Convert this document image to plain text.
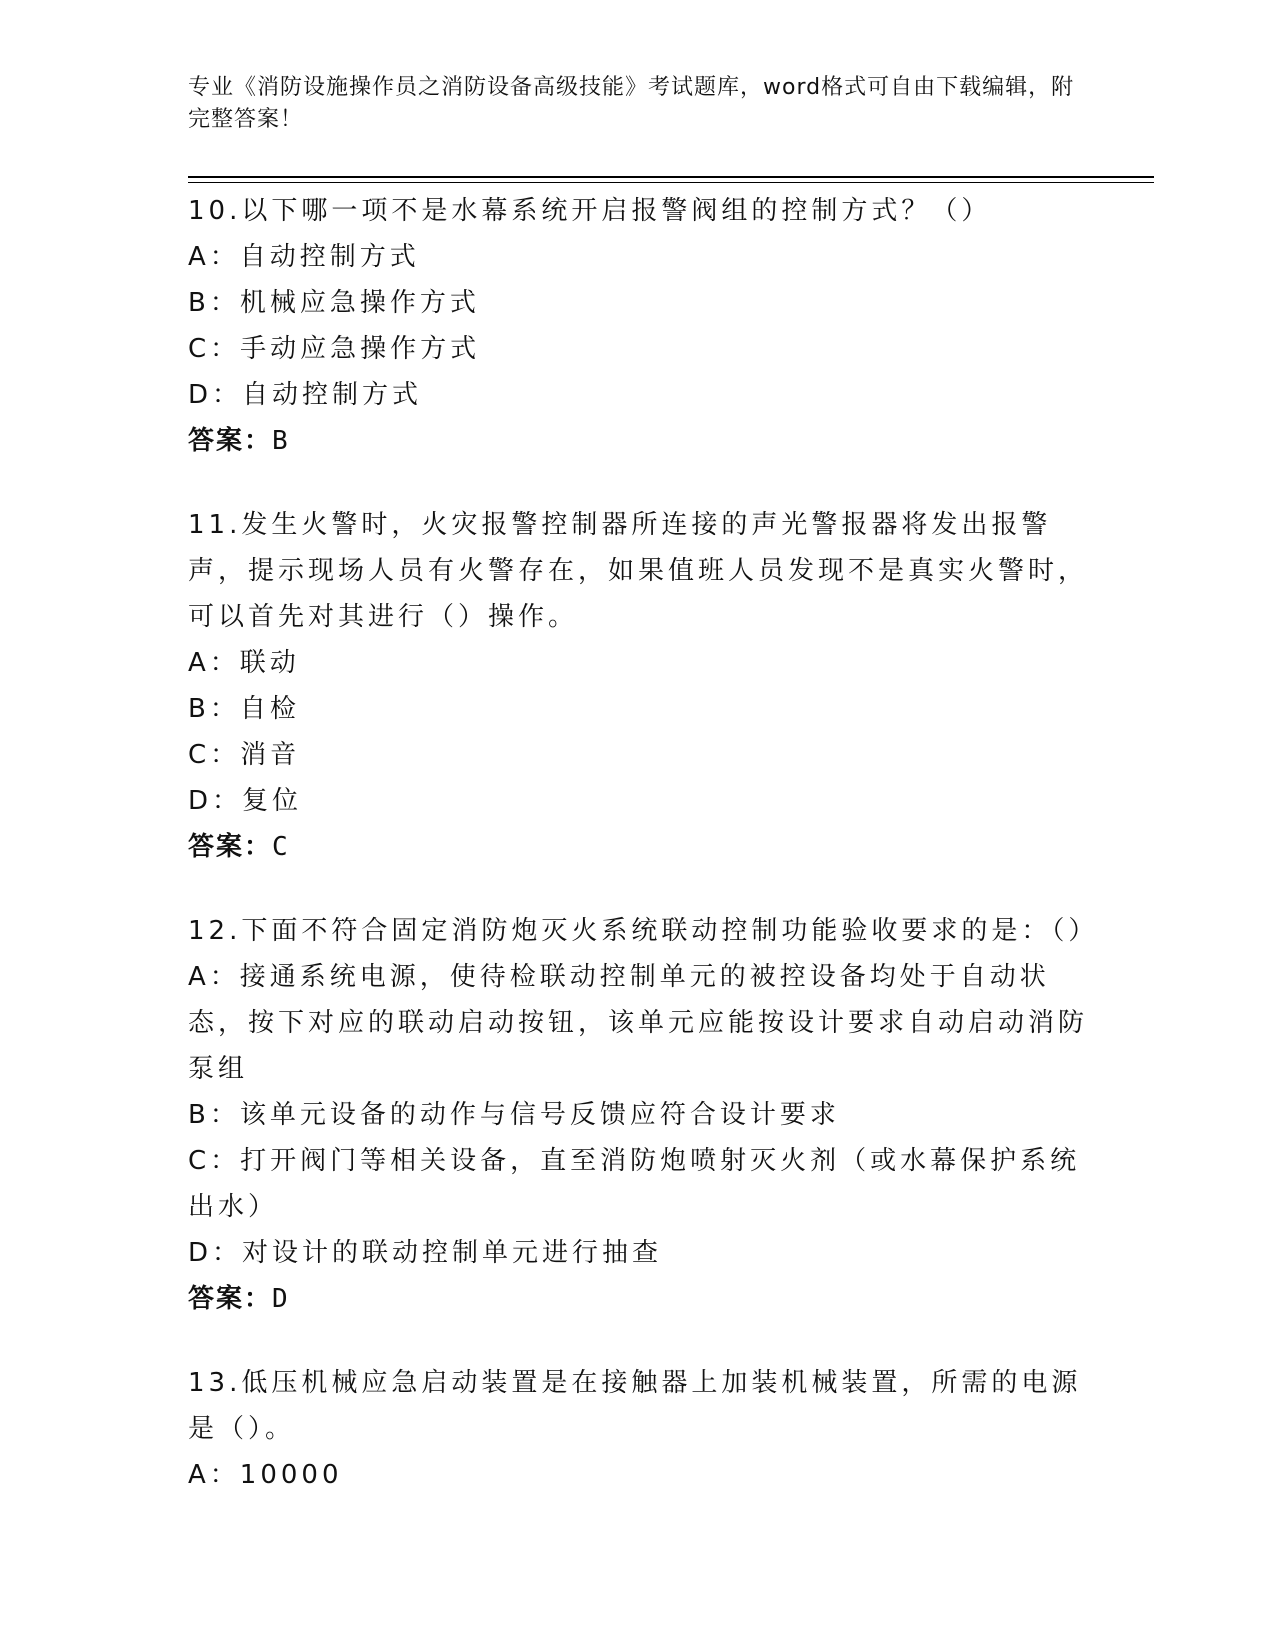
专业《消防设施操作员之消防设备高级技能》考试题库，word格式可自由下载编辑，附完整答案！
10.以下哪一项不是水幕系统开启报警阀组的控制方式？（）
A：自动控制方式
B：机械应急操作方式
C：手动应急操作方式
D：自动控制方式
答案：B
11.发生火警时，火灾报警控制器所连接的声光警报器将发出报警声，提示现场人员有火警存在，如果值班人员发现不是真实火警时，可以首先对其进行（）操作。
A：联动
B：自检
C：消音
D：复位
答案：C
12.下面不符合固定消防炮灭火系统联动控制功能验收要求的是：（）
A：接通系统电源，使待检联动控制单元的被控设备均处于自动状态，按下对应的联动启动按钮，该单元应能按设计要求自动启动消防泵组
B：该单元设备的动作与信号反馈应符合设计要求
C：打开阀门等相关设备，直至消防炮喷射灭火剂（或水幕保护系统出水）
D：对设计的联动控制单元进行抽查
答案：D
13.低压机械应急启动装置是在接触器上加装机械装置，所需的电源是（）。
A：10000
